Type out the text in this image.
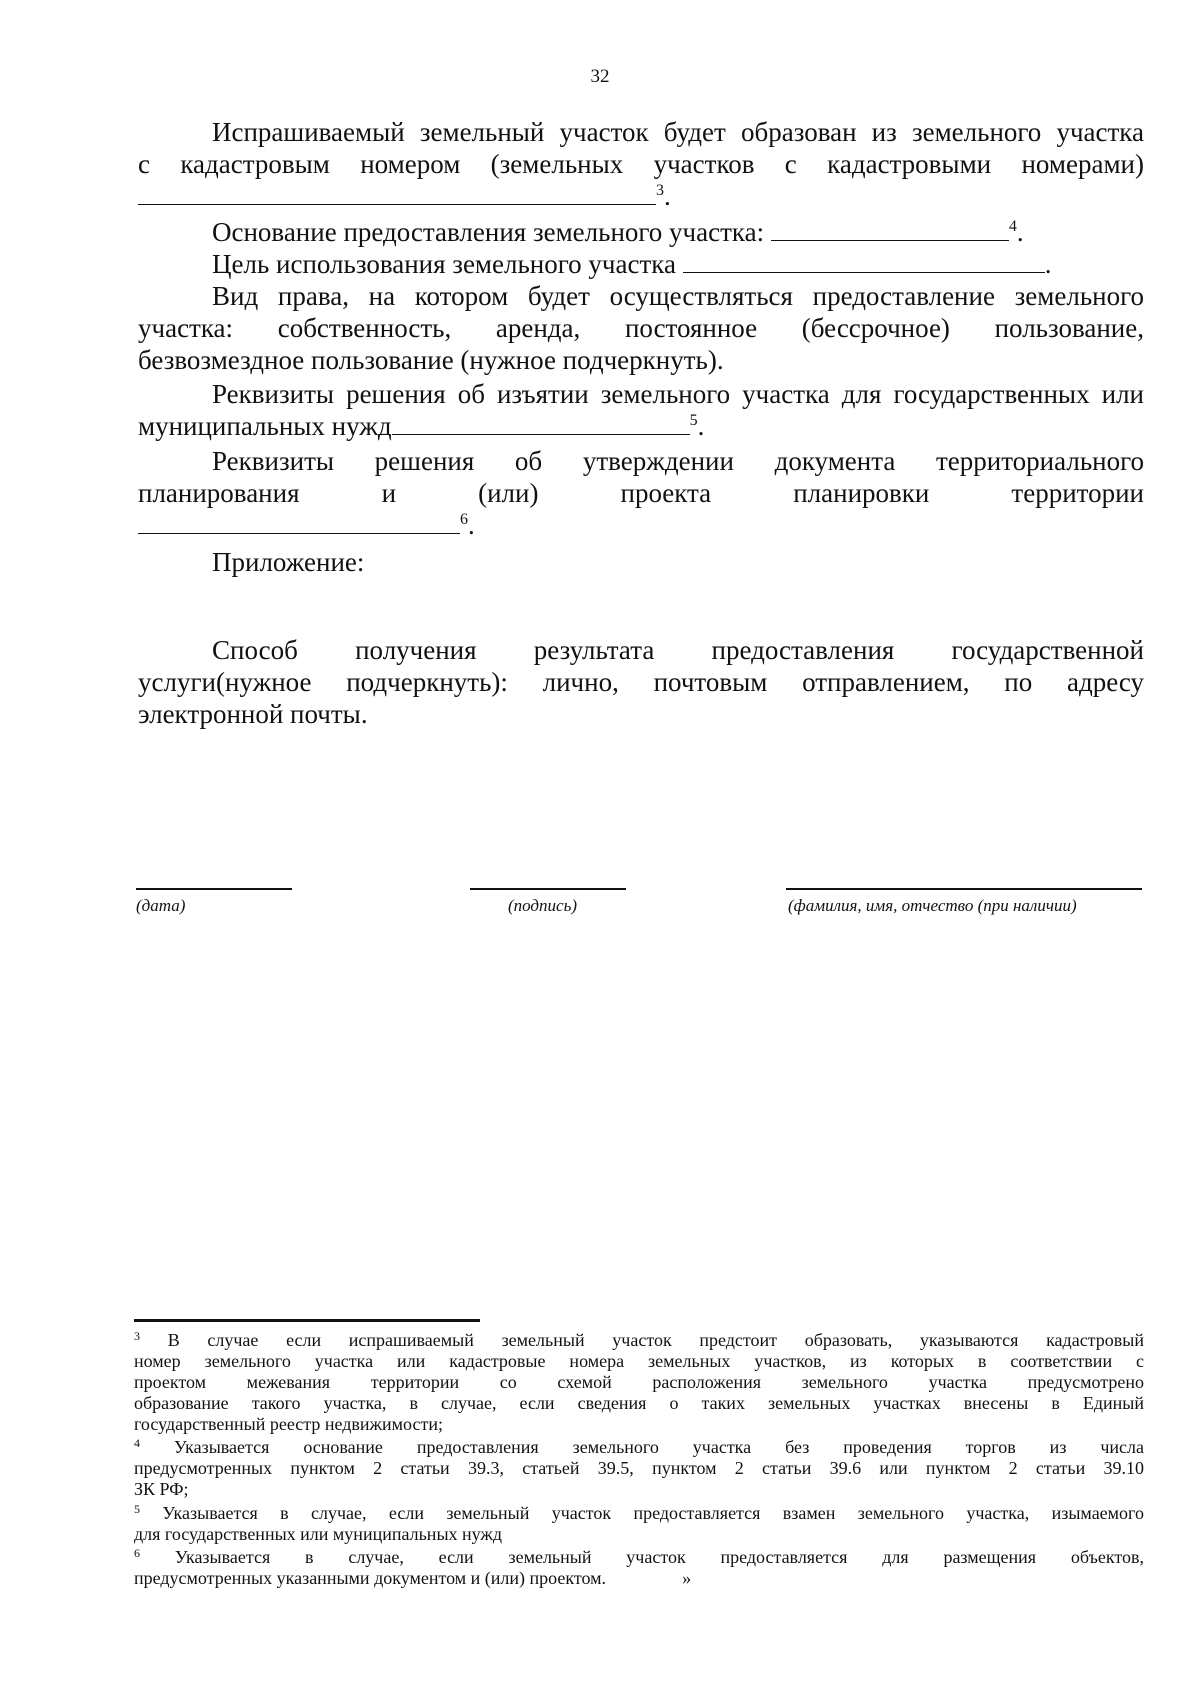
32
Испрашиваемый земельный участок будет образован из земельного участка
с кадастровым номером (земельных участков с кадастровыми номерами)
$^3$.
Основание предоставления земельного участка:	$^4$.
Цель использования земельного участка	.
Вид права, на котором будет осуществляться предоставление земельного
участка: собственность, аренда, постоянное (бессрочное) пользование,
безвозмездное пользование (нужное подчеркнуть).
Реквизиты решения об изъятии земельного участка для государственных или
муниципальных нужд	$^5$.
Реквизиты решения об утверждении документа территориального
планирования и (или) проекта планировки территории
$^6$.
Приложение:
Способ получения результата предоставления государственной
услуги(нужное подчеркнуть): лично, почтовым отправлением, по адресу
электронной почты.
(дата)	(подпись)	(фамилия, имя, отчество (при наличии)
$^3$ В случае если испрашиваемый земельный участок предстоит образовать, указываются кадастровый
номер земельного участка или кадастровые номера земельных участков, из которых в соответствии с
проектом межевания территории со схемой расположения земельного участка предусмотрено
образование такого участка, в случае, если сведения о таких земельных участках внесены в Единый
государственный реестр недвижимости;
$^4$ Указывается основание предоставления земельного участка без проведения торгов из числа
предусмотренных пунктом 2 статьи 39.3, статьей 39.5, пунктом 2 статьи 39.6 или пунктом 2 статьи 39.10
ЗК РФ;
$^5$ Указывается в случае, если земельный участок предоставляется взамен земельного участка, изымаемого
для государственных или муниципальных нужд
$^6$ Указывается в случае, если земельный участок предоставляется для размещения объектов,
предусмотренных указанными документом и (или) проектом.	»
